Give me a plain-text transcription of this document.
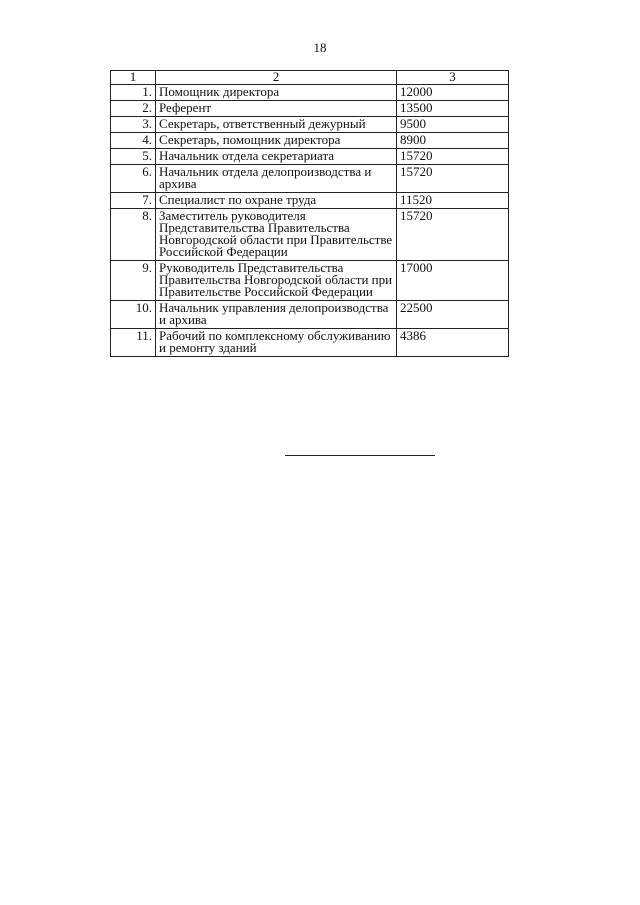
18
1	2	3
1.	Помощник директора	12000
2.	Референт	13500
3.	Секретарь, ответственный дежурный	9500
4.	Секретарь, помощник директора	8900
5.	Начальник отдела секретариата	15720
6.	Начальник отдела делопроизводства и архива	15720
7.	Специалист по охране труда	11520
8.	Заместитель руководителя Представительства Правительства Новгородской области при Правительстве Российской Федерации	15720
9.	Руководитель Представительства Правительства Новгородской области при Правительстве Российской Федерации	17000
10.	Начальник управления делопроизводства и архива	22500
11.	Рабочий по комплексному обслуживанию и ремонту зданий	4386
